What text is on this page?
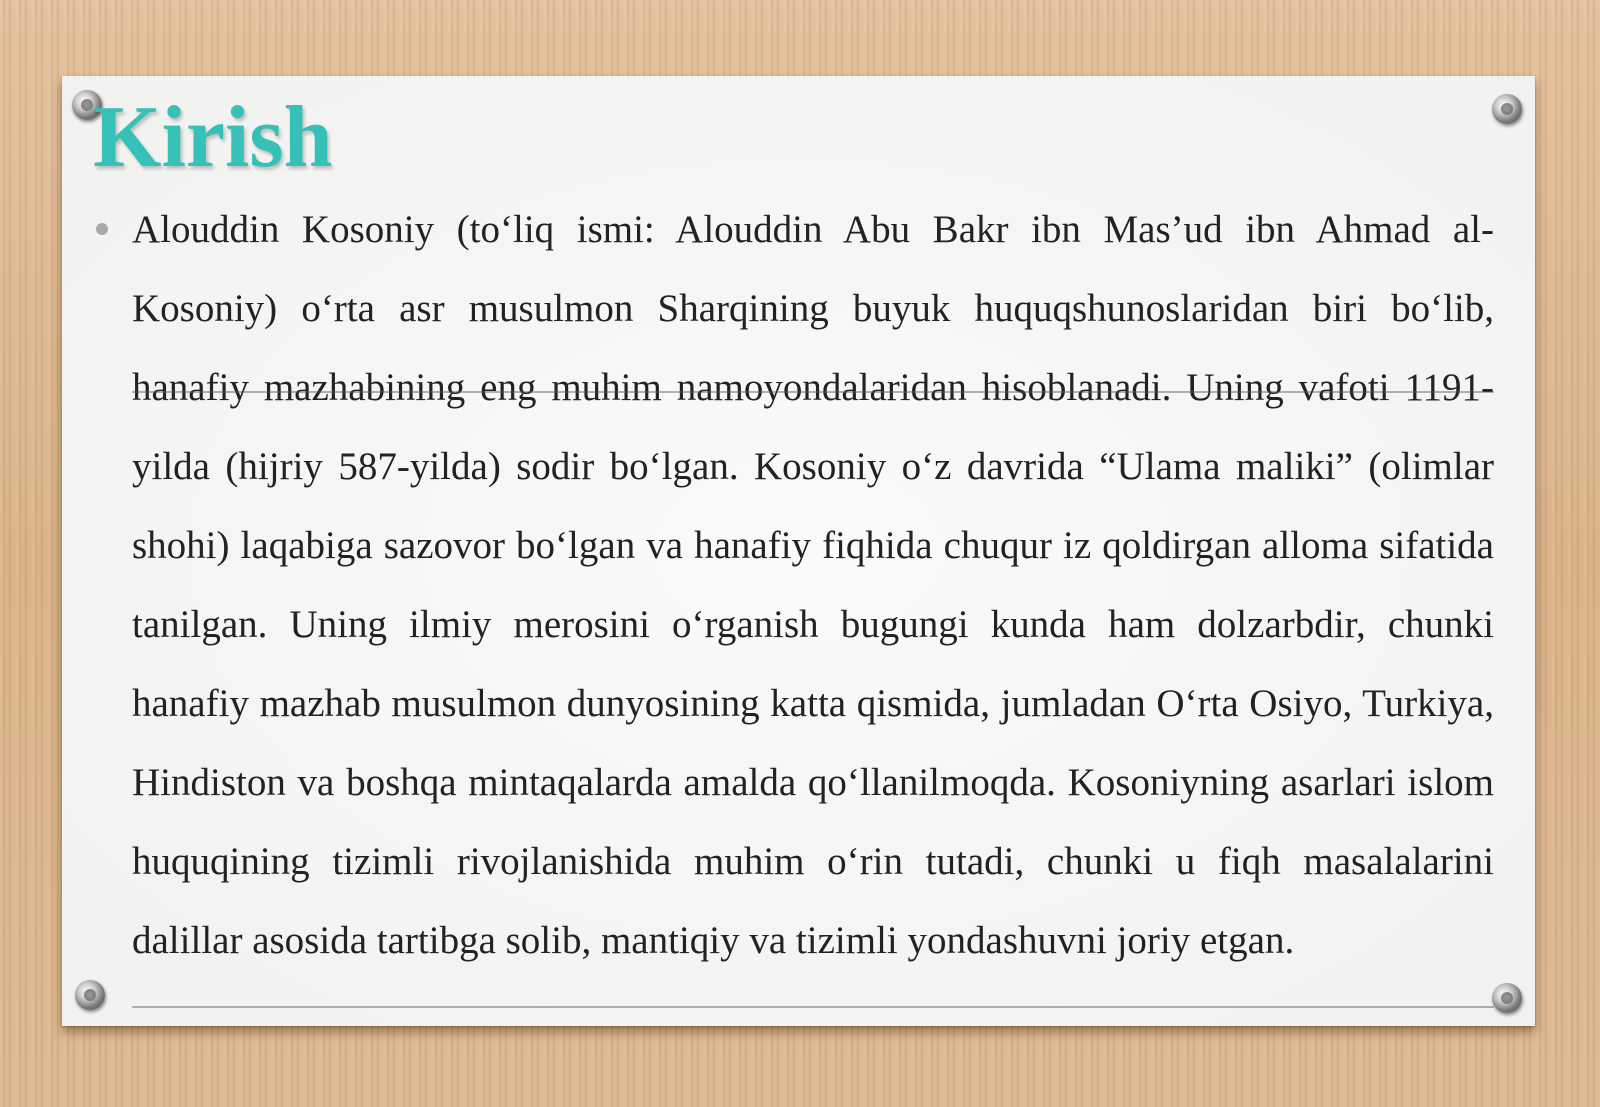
Kirish

Alouddin Kosoniy (to‘liq ismi: Alouddin Abu Bakr ibn Mas’ud ibn Ahmad al-Kosoniy) o‘rta asr musulmon Sharqining buyuk huquqshunoslaridan biri bo‘lib, hanafiy mazhabining eng muhim namoyondalaridan hisoblanadi. Uning vafoti 1191-yilda (hijriy 587-yilda) sodir bo‘lgan. Kosoniy o‘z davrida “Ulama maliki” (olimlar shohi) laqabiga sazovor bo‘lgan va hanafiy fiqhida chuqur iz qoldirgan alloma sifatida tanilgan. Uning ilmiy merosini o‘rganish bugungi kunda ham dolzarbdir, chunki hanafiy mazhab musulmon dunyosining katta qismida, jumladan O‘rta Osiyo, Turkiya, Hindiston va boshqa mintaqalarda amalda qo‘llanilmoqda. Kosoniyning asarlari islom huquqining tizimli rivojlanishida muhim o‘rin tutadi, chunki u fiqh masalalarini dalillar asosida tartibga solib, mantiqiy va tizimli yondashuvni joriy etgan.
